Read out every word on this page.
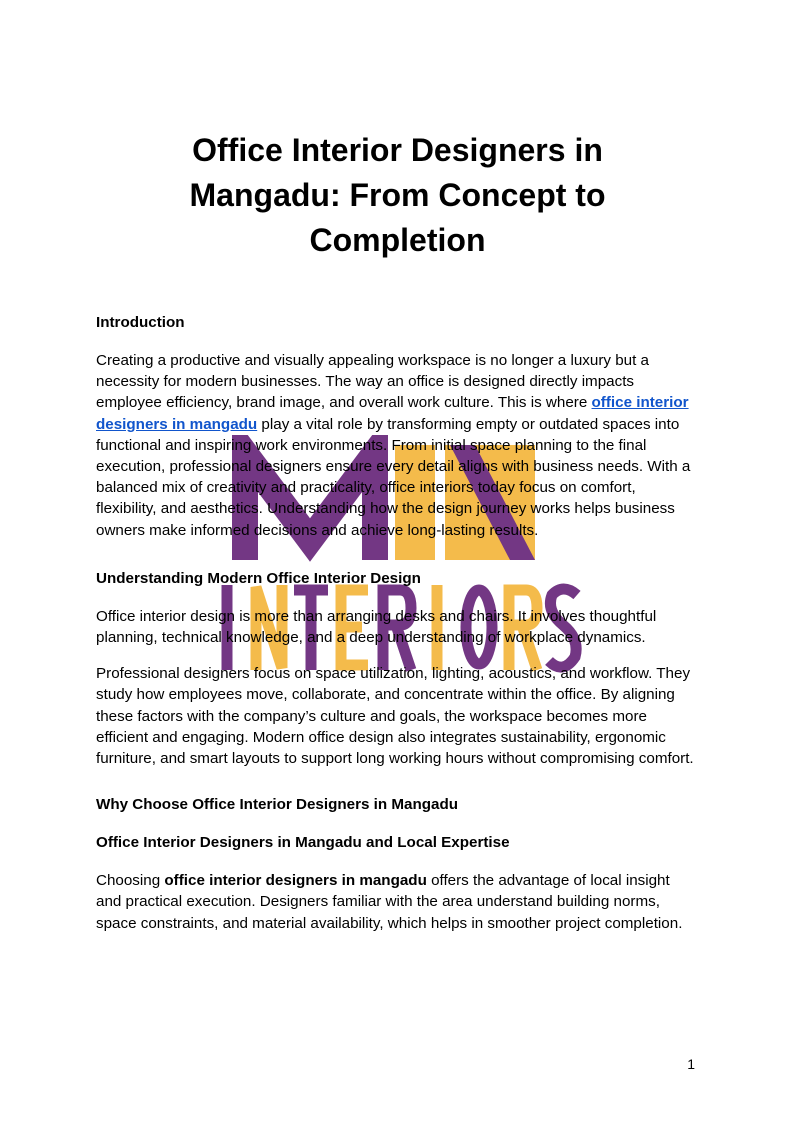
Office Interior Designers in Mangadu: From Concept to Completion
Introduction

Creating a productive and visually appealing workspace is no longer a luxury but a necessity for modern businesses. The way an office is designed directly impacts employee efficiency, brand image, and overall work culture. This is where office interior designers in mangadu play a vital role by transforming empty or outdated spaces into functional and inspiring work environments. From initial space planning to the final execution, professional designers ensure every detail aligns with business needs. With a balanced mix of creativity and practicality, office interiors today focus on comfort, flexibility, and aesthetics. Understanding how the design journey works helps business owners make informed decisions and achieve long-lasting results.

Understanding Modern Office Interior Design

Office interior design is more than arranging desks and chairs. It involves thoughtful planning, technical knowledge, and a deep understanding of workplace dynamics.

Professional designers focus on space utilization, lighting, acoustics, and workflow. They study how employees move, collaborate, and concentrate within the office. By aligning these factors with the company’s culture and goals, the workspace becomes more efficient and engaging. Modern office design also integrates sustainability, ergonomic furniture, and smart layouts to support long working hours without compromising comfort.

Why Choose Office Interior Designers in Mangadu
Office Interior Designers in Mangadu and Local Expertise

Choosing office interior designers in mangadu offers the advantage of local insight and practical execution. Designers familiar with the area understand building norms, space constraints, and material availability, which helps in smoother project completion.

1
